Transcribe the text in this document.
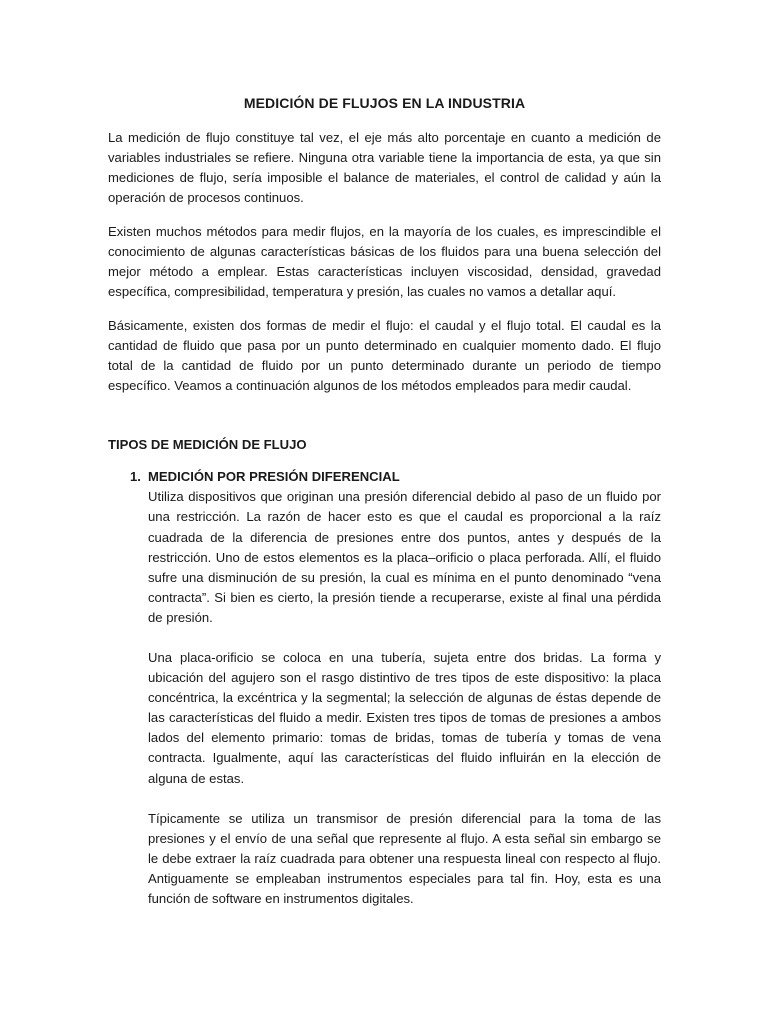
MEDICIÓN DE FLUJOS EN LA INDUSTRIA

La medición de flujo constituye tal vez, el eje más alto porcentaje en cuanto a medición de variables industriales se refiere. Ninguna otra variable tiene la importancia de esta, ya que sin mediciones de flujo, sería imposible el balance de materiales, el control de calidad y aún la operación de procesos continuos.

Existen muchos métodos para medir flujos, en la mayoría de los cuales, es imprescindible el conocimiento de algunas características básicas de los fluidos para una buena selección del mejor método a emplear. Estas características incluyen viscosidad, densidad, gravedad específica, compresibilidad, temperatura y presión, las cuales no vamos a detallar aquí.

Básicamente, existen dos formas de medir el flujo: el caudal y el flujo total. El caudal es la cantidad de fluido que pasa por un punto determinado en cualquier momento dado. El flujo total de la cantidad de fluido por un punto determinado durante un periodo de tiempo específico. Veamos a continuación algunos de los métodos empleados para medir caudal.

TIPOS DE MEDICIÓN DE FLUJO
1. MEDICIÓN POR PRESIÓN DIFERENCIAL

Utiliza dispositivos que originan una presión diferencial debido al paso de un fluido por una restricción. La razón de hacer esto es que el caudal es proporcional a la raíz cuadrada de la diferencia de presiones entre dos puntos, antes y después de la restricción. Uno de estos elementos es la placa–orificio o placa perforada. Allí, el fluido sufre una disminución de su presión, la cual es mínima en el punto denominado “vena contracta”. Si bien es cierto, la presión tiende a recuperarse, existe al final una pérdida de presión.

Una placa-orificio se coloca en una tubería, sujeta entre dos bridas. La forma y ubicación del agujero son el rasgo distintivo de tres tipos de este dispositivo: la placa concéntrica, la excéntrica y la segmental; la selección de algunas de éstas depende de las características del fluido a medir. Existen tres tipos de tomas de presiones a ambos lados del elemento primario: tomas de bridas, tomas de tubería y tomas de vena contracta. Igualmente, aquí las características del fluido influirán en la elección de alguna de estas.

Típicamente se utiliza un transmisor de presión diferencial para la toma de las presiones y el envío de una señal que represente al flujo. A esta señal sin embargo se le debe extraer la raíz cuadrada para obtener una respuesta lineal con respecto al flujo. Antiguamente se empleaban instrumentos especiales para tal fin. Hoy, esta es una función de software en instrumentos digitales.
